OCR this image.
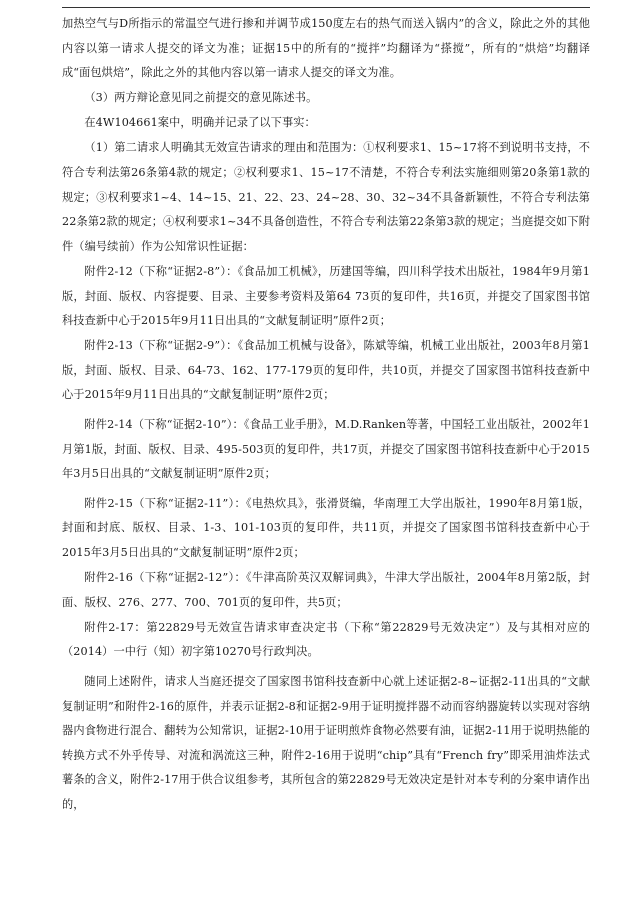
加热空气与D所指示的常温空气进行掺和并调节成150度左右的热气而送入锅内”的含义，除此之外的其他内容以第一请求人提交的译文为准；证据15中的所有的“搅拌”均翻译为“搽搅”，所有的“烘焙”均翻译成“面包烘焙”，除此之外的其他内容以第一请求人提交的译文为准。

（3）两方辩论意见同之前提交的意见陈述书。

在4W104661案中，明确并记录了以下事实：

（1）第二请求人明确其无效宣告请求的理由和范围为：①权利要求1、15~17将不到说明书支持，不符合专利法第26条第4款的规定；②权利要求1、15~17不清楚，不符合专利法实施细则第20条第1款的规定；③权利要求1~4、14~15、21、22、23、24~28、30、32~34不具备新颖性，不符合专利法第22条第2款的规定；④权利要求1~34不具备创造性，不符合专利法第22条第3款的规定；当庭提交如下附件（编号续前）作为公知常识性证据：

附件2-12（下称“证据2-8”）：《食品加工机械》，历建国等编，四川科学技术出版社，1984年9月第1版，封面、版权、内容提要、目录、主要参考资料及第64 73页的复印件，共16页，并提交了国家图书馆科技查新中心于2015年9月11日出具的“文献复制证明”原件2页；

附件2-13（下称“证据2-9”）：《食品加工机械与设备》，陈斌等编，机械工业出版社，2003年8月第1版，封面、版权、目录、64-73、162、177-179页的复印件，共10页，并提交了国家图书馆科技查新中心于2015年9月11日出具的“文献复制证明”原件2页；

附件2-14（下称“证据2-10”）：《食品工业手册》，M.D.Ranken等著，中国轻工业出版社，2002年1月第1版，封面、版权、目录、495-503页的复印件，共17页，并提交了国家图书馆科技查新中心于2015年3月5日出具的“文献复制证明”原件2页；

附件2-15（下称“证据2-11”）：《电热炊具》，张滑贤编，华南理工大学出版社，1990年8月第1版，封面和封底、版权、目录、1-3、101-103页的复印件，共11页，并提交了国家图书馆科技查新中心于2015年3月5日出具的“文献复制证明”原件2页；

附件2-16（下称“证据2-12”）：《牛津高阶英汉双解词典》，牛津大学出版社，2004年8月第2版，封面、版权、276、277、700、701页的复印件，共5页；

附件2-17：第22829号无效宣告请求审查决定书（下称“第22829号无效决定”）及与其相对应的（2014）一中行（知）初字第10270号行政判决。

随同上述附件，请求人当庭还提交了国家图书馆科技查新中心就上述证据2-8~证据2-11出具的“文献复制证明”和附件2-16的原件，并表示证据2-8和证据2-9用于证明搅拌器不动而容纳器旋转以实现对容纳器内食物进行混合、翻转为公知常识，证据2-10用于证明煎炸食物必然要有油，证据2-11用于说明热能的转换方式不外乎传导、对流和涡流这三种，附件2-16用于说明“chip”具有“French fry”即采用油炸法式薯条的含义，附件2-17用于供合议组参考，其所包含的第22829号无效决定是针对本专利的分案申请作出的，
